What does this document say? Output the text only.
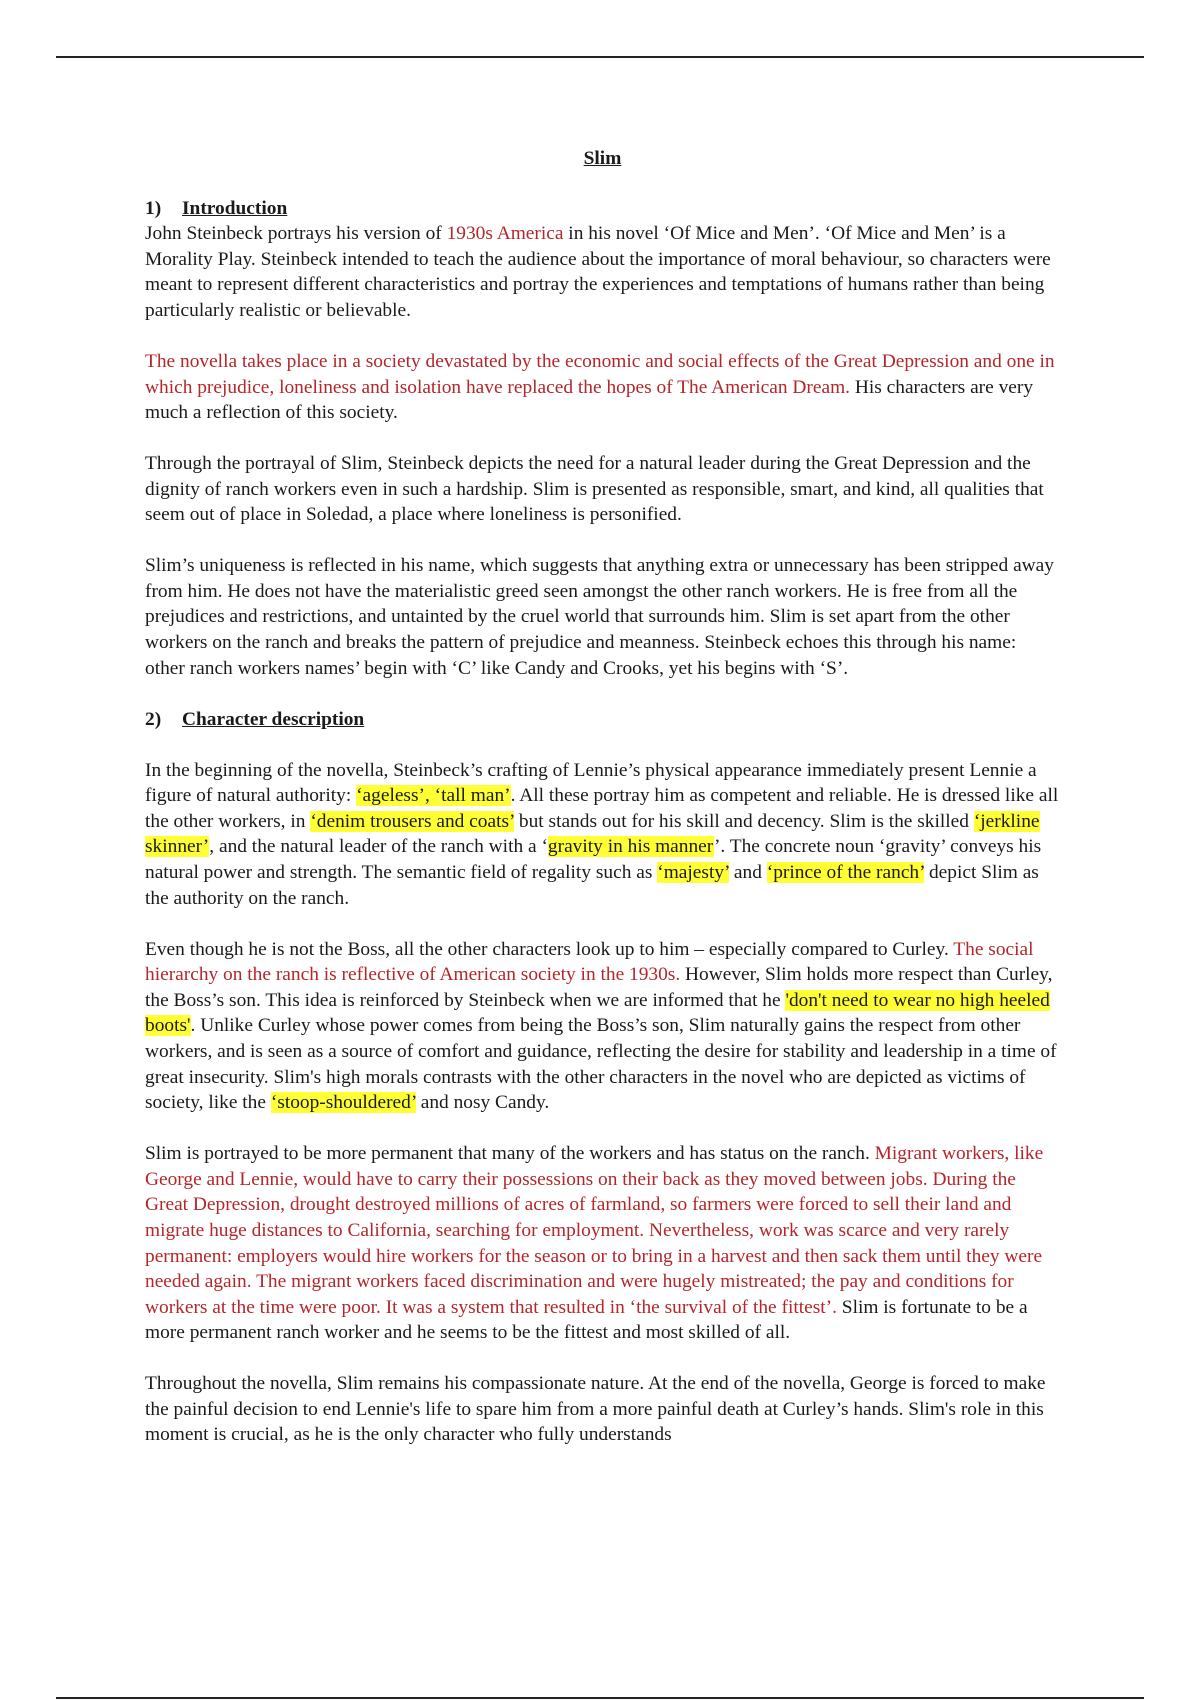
Slim
1) Introduction

John Steinbeck portrays his version of 1930s America in his novel ‘Of Mice and Men’. ‘Of Mice and Men’ is a Morality Play. Steinbeck intended to teach the audience about the importance of moral behaviour, so characters were meant to represent different characteristics and portray the experiences and temptations of humans rather than being particularly realistic or believable.

The novella takes place in a society devastated by the economic and social effects of the Great Depression and one in which prejudice, loneliness and isolation have replaced the hopes of The American Dream. His characters are very much a reflection of this society.

Through the portrayal of Slim, Steinbeck depicts the need for a natural leader during the Great Depression and the dignity of ranch workers even in such a hardship. Slim is presented as responsible, smart, and kind, all qualities that seem out of place in Soledad, a place where loneliness is personified.

Slim’s uniqueness is reflected in his name, which suggests that anything extra or unnecessary has been stripped away from him. He does not have the materialistic greed seen amongst the other ranch workers. He is free from all the prejudices and restrictions, and untainted by the cruel world that surrounds him. Slim is set apart from the other workers on the ranch and breaks the pattern of prejudice and meanness. Steinbeck echoes this through his name: other ranch workers names’ begin with ‘C’ like Candy and Crooks, yet his begins with ‘S’.

2) Character description

In the beginning of the novella, Steinbeck’s crafting of Lennie’s physical appearance immediately present Lennie a figure of natural authority: ‘ageless’, ‘tall man’. All these portray him as competent and reliable. He is dressed like all the other workers, in ‘denim trousers and coats’ but stands out for his skill and decency. Slim is the skilled ‘jerkline skinner’, and the natural leader of the ranch with a ‘gravity in his manner’. The concrete noun ‘gravity’ conveys his natural power and strength. The semantic field of regality such as ‘majesty’ and ‘prince of the ranch’ depict Slim as the authority on the ranch.

Even though he is not the Boss, all the other characters look up to him – especially compared to Curley. The social hierarchy on the ranch is reflective of American society in the 1930s. However, Slim holds more respect than Curley, the Boss’s son. This idea is reinforced by Steinbeck when we are informed that he 'don't need to wear no high heeled boots'. Unlike Curley whose power comes from being the Boss’s son, Slim naturally gains the respect from other workers, and is seen as a source of comfort and guidance, reflecting the desire for stability and leadership in a time of great insecurity. Slim's high morals contrasts with the other characters in the novel who are depicted as victims of society, like the ‘stoop-shouldered’ and nosy Candy.

Slim is portrayed to be more permanent that many of the workers and has status on the ranch. Migrant workers, like George and Lennie, would have to carry their possessions on their back as they moved between jobs. During the Great Depression, drought destroyed millions of acres of farmland, so farmers were forced to sell their land and migrate huge distances to California, searching for employment. Nevertheless, work was scarce and very rarely permanent: employers would hire workers for the season or to bring in a harvest and then sack them until they were needed again. The migrant workers faced discrimination and were hugely mistreated; the pay and conditions for workers at the time were poor. It was a system that resulted in ‘the survival of the fittest’. Slim is fortunate to be a more permanent ranch worker and he seems to be the fittest and most skilled of all.

Throughout the novella, Slim remains his compassionate nature. At the end of the novella, George is forced to make the painful decision to end Lennie's life to spare him from a more painful death at Curley’s hands. Slim's role in this moment is crucial, as he is the only character who fully understands
